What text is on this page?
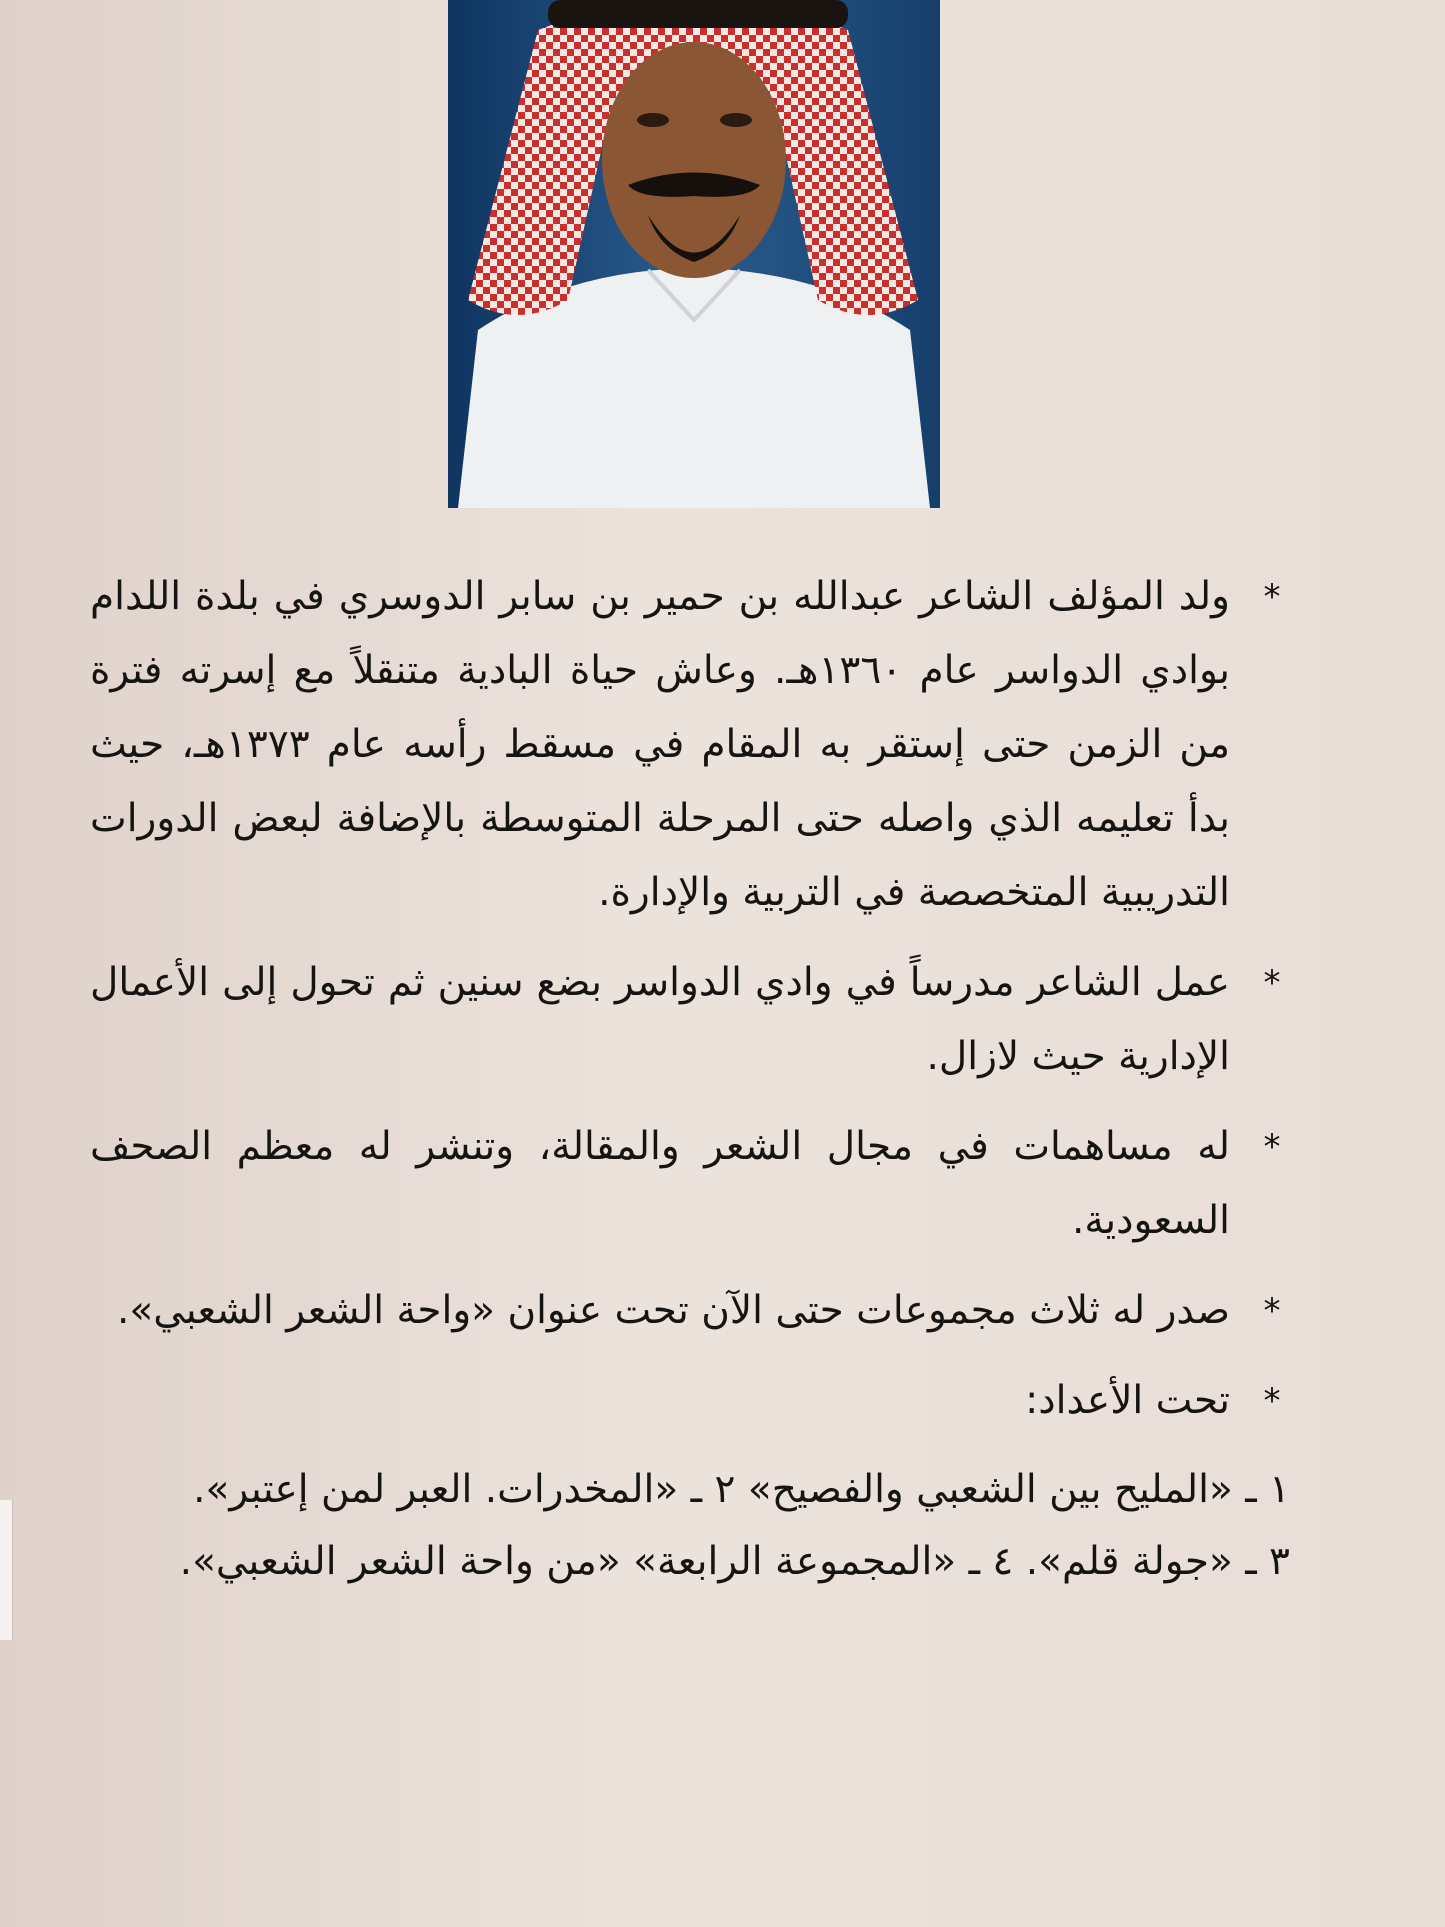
*
ولد المؤلف الشاعر عبدالله بن حمير بن سابر الدوسري في بلدة اللدام بوادي الدواسر عام ١٣٦٠هـ. وعاش حياة البادية متنقلاً مع إسرته فترة من الزمن حتى إستقر به المقام في مسقط رأسه عام ١٣٧٣هـ، حيث بدأ تعليمه الذي واصله حتى المرحلة المتوسطة بالإضافة لبعض الدورات التدريبية المتخصصة في التربية والإدارة.
*
عمل الشاعر مدرساً في وادي الدواسر بضع سنين ثم تحول إلى الأعمال الإدارية حيث لازال.
*
له مساهمات في مجال الشعر والمقالة، وتنشر له معظم الصحف السعودية.
*
صدر له ثلاث مجموعات حتى الآن تحت عنوان «واحة الشعر الشعبي».
*
تحت الأعداد:
١ ـ «المليح بين الشعبي والفصيح» ٢ ـ «المخدرات. العبر لمن إعتبر».
٣ ـ «جولة قلم». ٤ ـ «المجموعة الرابعة» «من واحة الشعر الشعبي».
